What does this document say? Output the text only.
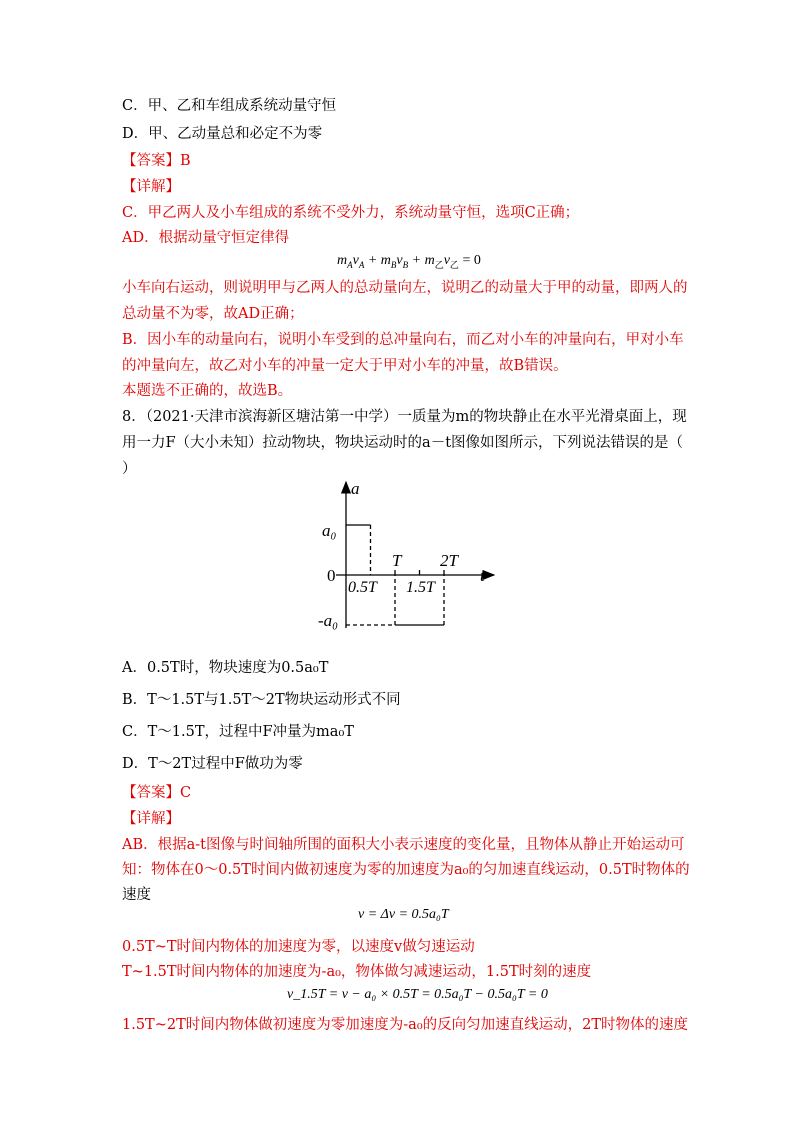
C．甲、乙和车组成系统动量守恒
D．甲、乙动量总和必定不为零
【答案】B
【详解】
C．甲乙两人及小车组成的系统不受外力，系统动量守恒，选项C正确；
AD．根据动量守恒定律得
$m_Av_A + m_Bv_B + m_乙v_乙 = 0$
小车向右运动，则说明甲与乙两人的总动量向左，说明乙的动量大于甲的动量，即两人的
总动量不为零，故AD正确；
B．因小车的动量向右，说明小车受到的总冲量向右，而乙对小车的冲量向右，甲对小车
的冲量向左，故乙对小车的冲量一定大于甲对小车的冲量，故B错误。
本题选不正确的，故选B。
8．（2021·天津市滨海新区塘沽第一中学）一质量为m的物块静止在水平光滑桌面上，现
用一力F（大小未知）拉动物块，物块运动时的a－t图像如图所示，下列说法错误的是（
）
a
t
0
a₀
-a₀
T 2T
0.5T 1.5T
A．0.5T时，物块速度为0.5a₀T
B．T～1.5T与1.5T～2T物块运动形式不同
C．T～1.5T，过程中F冲量为ma₀T
D．T～2T过程中F做功为零
【答案】C
【详解】
AB．根据a-t图像与时间轴所围的面积大小表示速度的变化量，且物体从静止开始运动可
知：物体在0～0.5T时间内做初速度为零的加速度为a₀的匀加速直线运动，0.5T时物体的
速度
v = Δv = 0.5a₀T
0.5T~T时间内物体的加速度为零，以速度v做匀速运动
T~1.5T时间内物体的加速度为-a₀，物体做匀减速运动，1.5T时刻的速度
v_1.5T = v − a₀ × 0.5T = 0.5a₀T − 0.5a₀T = 0
1.5T~2T时间内物体做初速度为零加速度为-a₀的反向匀加速直线运动，2T时物体的速度
